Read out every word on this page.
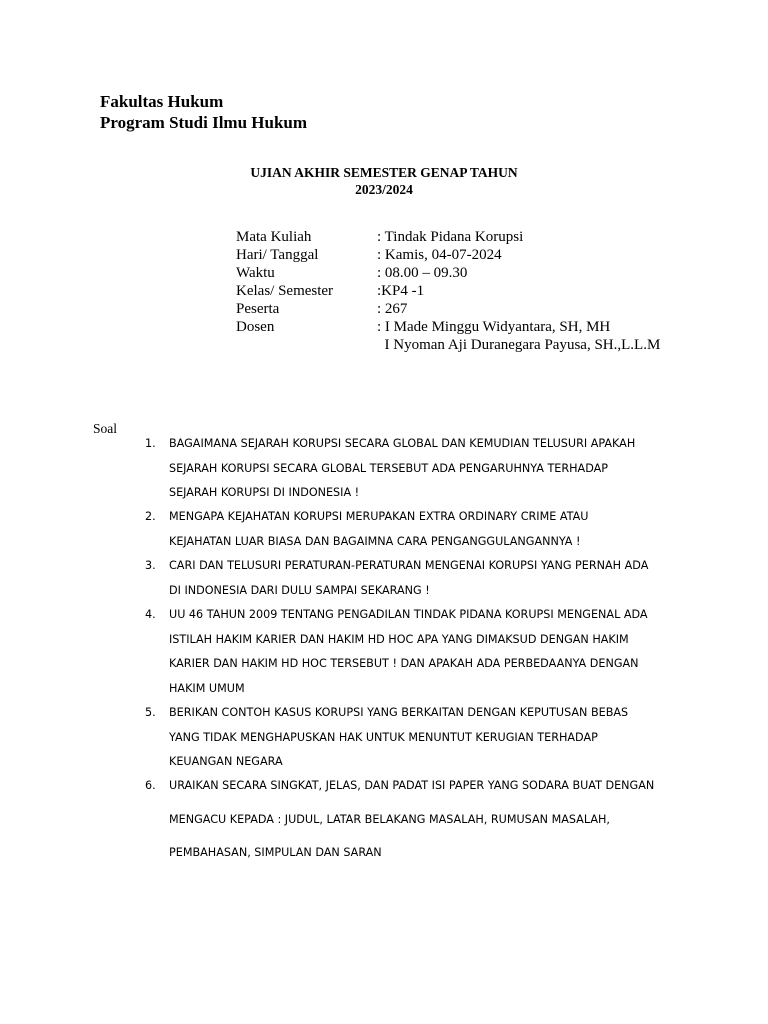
Fakultas Hukum
Program Studi Ilmu Hukum
UJIAN AKHIR SEMESTER GENAP TAHUN
2023/2024
Mata Kuliah	: Tindak Pidana Korupsi
Hari/ Tanggal	: Kamis, 04-07-2024
Waktu	: 08.00 – 09.30
Kelas/ Semester	:KP4 -1
Peserta	: 267
Dosen	: I Made Minggu Widyantara, SH, MH
I Nyoman Aji Duranegara Payusa, SH.,L.L.M
Soal
1. BAGAIMANA SEJARAH KORUPSI SECARA GLOBAL DAN KEMUDIAN TELUSURI APAKAH
SEJARAH KORUPSI SECARA GLOBAL TERSEBUT ADA PENGARUHNYA TERHADAP
SEJARAH KORUPSI DI INDONESIA !
2. MENGAPA KEJAHATAN KORUPSI MERUPAKAN EXTRA ORDINARY CRIME ATAU
KEJAHATAN LUAR BIASA DAN BAGAIMNA CARA PENGANGGULANGANNYA !
3. CARI DAN TELUSURI PERATURAN-PERATURAN MENGENAI KORUPSI YANG PERNAH ADA
DI INDONESIA DARI DULU SAMPAI SEKARANG !
4. UU 46 TAHUN 2009 TENTANG PENGADILAN TINDAK PIDANA KORUPSI MENGENAL ADA
ISTILAH HAKIM KARIER DAN HAKIM HD HOC APA YANG DIMAKSUD DENGAN HAKIM
KARIER DAN HAKIM HD HOC TERSEBUT ! DAN APAKAH ADA PERBEDAANYA DENGAN
HAKIM UMUM
5. BERIKAN CONTOH KASUS KORUPSI YANG BERKAITAN DENGAN KEPUTUSAN BEBAS
YANG TIDAK MENGHAPUSKAN HAK UNTUK MENUNTUT KERUGIAN TERHADAP
KEUANGAN NEGARA
6. URAIKAN SECARA SINGKAT, JELAS, DAN PADAT ISI PAPER YANG SODARA BUAT DENGAN
MENGACU KEPADA : JUDUL, LATAR BELAKANG MASALAH, RUMUSAN MASALAH,
PEMBAHASAN, SIMPULAN DAN SARAN
